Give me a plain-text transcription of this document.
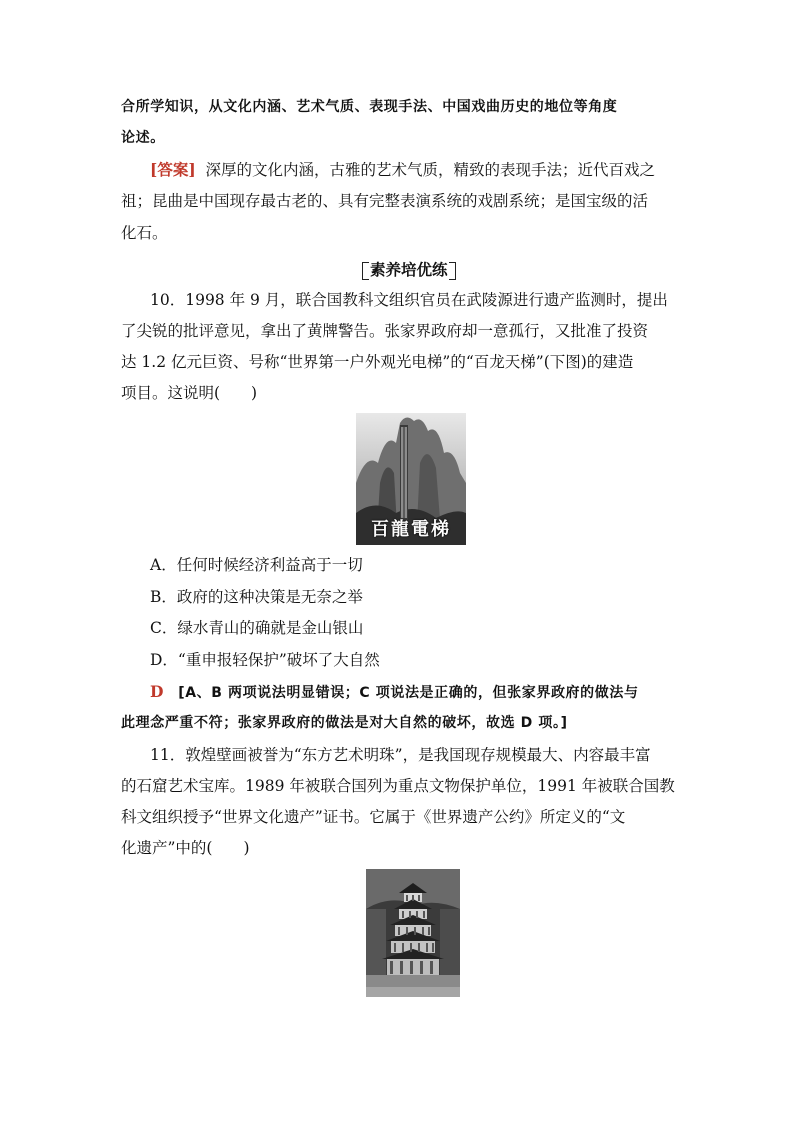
合所学知识，从文化内涵、艺术气质、表现手法、中国戏曲历史的地位等角度
论述。
[答案] 深厚的文化内涵，古雅的艺术气质，精致的表现手法；近代百戏之
祖；昆曲是中国现存最古老的、具有完整表演系统的戏剧系统；是国宝级的活
化石。
素养培优练
10．1998 年 9 月，联合国教科文组织官员在武陵源进行遗产监测时，提出
了尖锐的批评意见，拿出了黄牌警告。张家界政府却一意孤行，又批准了投资
达 1.2 亿元巨资、号称“世界第一户外观光电梯”的“百龙天梯”(下图)的建造
项目。这说明(　　)
百龍電梯
A．任何时候经济利益高于一切
B．政府的这种决策是无奈之举
C．绿水青山的确就是金山银山
D．“重申报轻保护”破坏了大自然
D [A、B 两项说法明显错误；C 项说法是正确的，但张家界政府的做法与
此理念严重不符；张家界政府的做法是对大自然的破坏，故选 D 项。]
11．敦煌壁画被誉为“东方艺术明珠”，是我国现存规模最大、内容最丰富
的石窟艺术宝库。1989 年被联合国列为重点文物保护单位，1991 年被联合国教
科文组织授予“世界文化遗产”证书。它属于《世界遗产公约》所定义的“文
化遗产”中的(　　)
